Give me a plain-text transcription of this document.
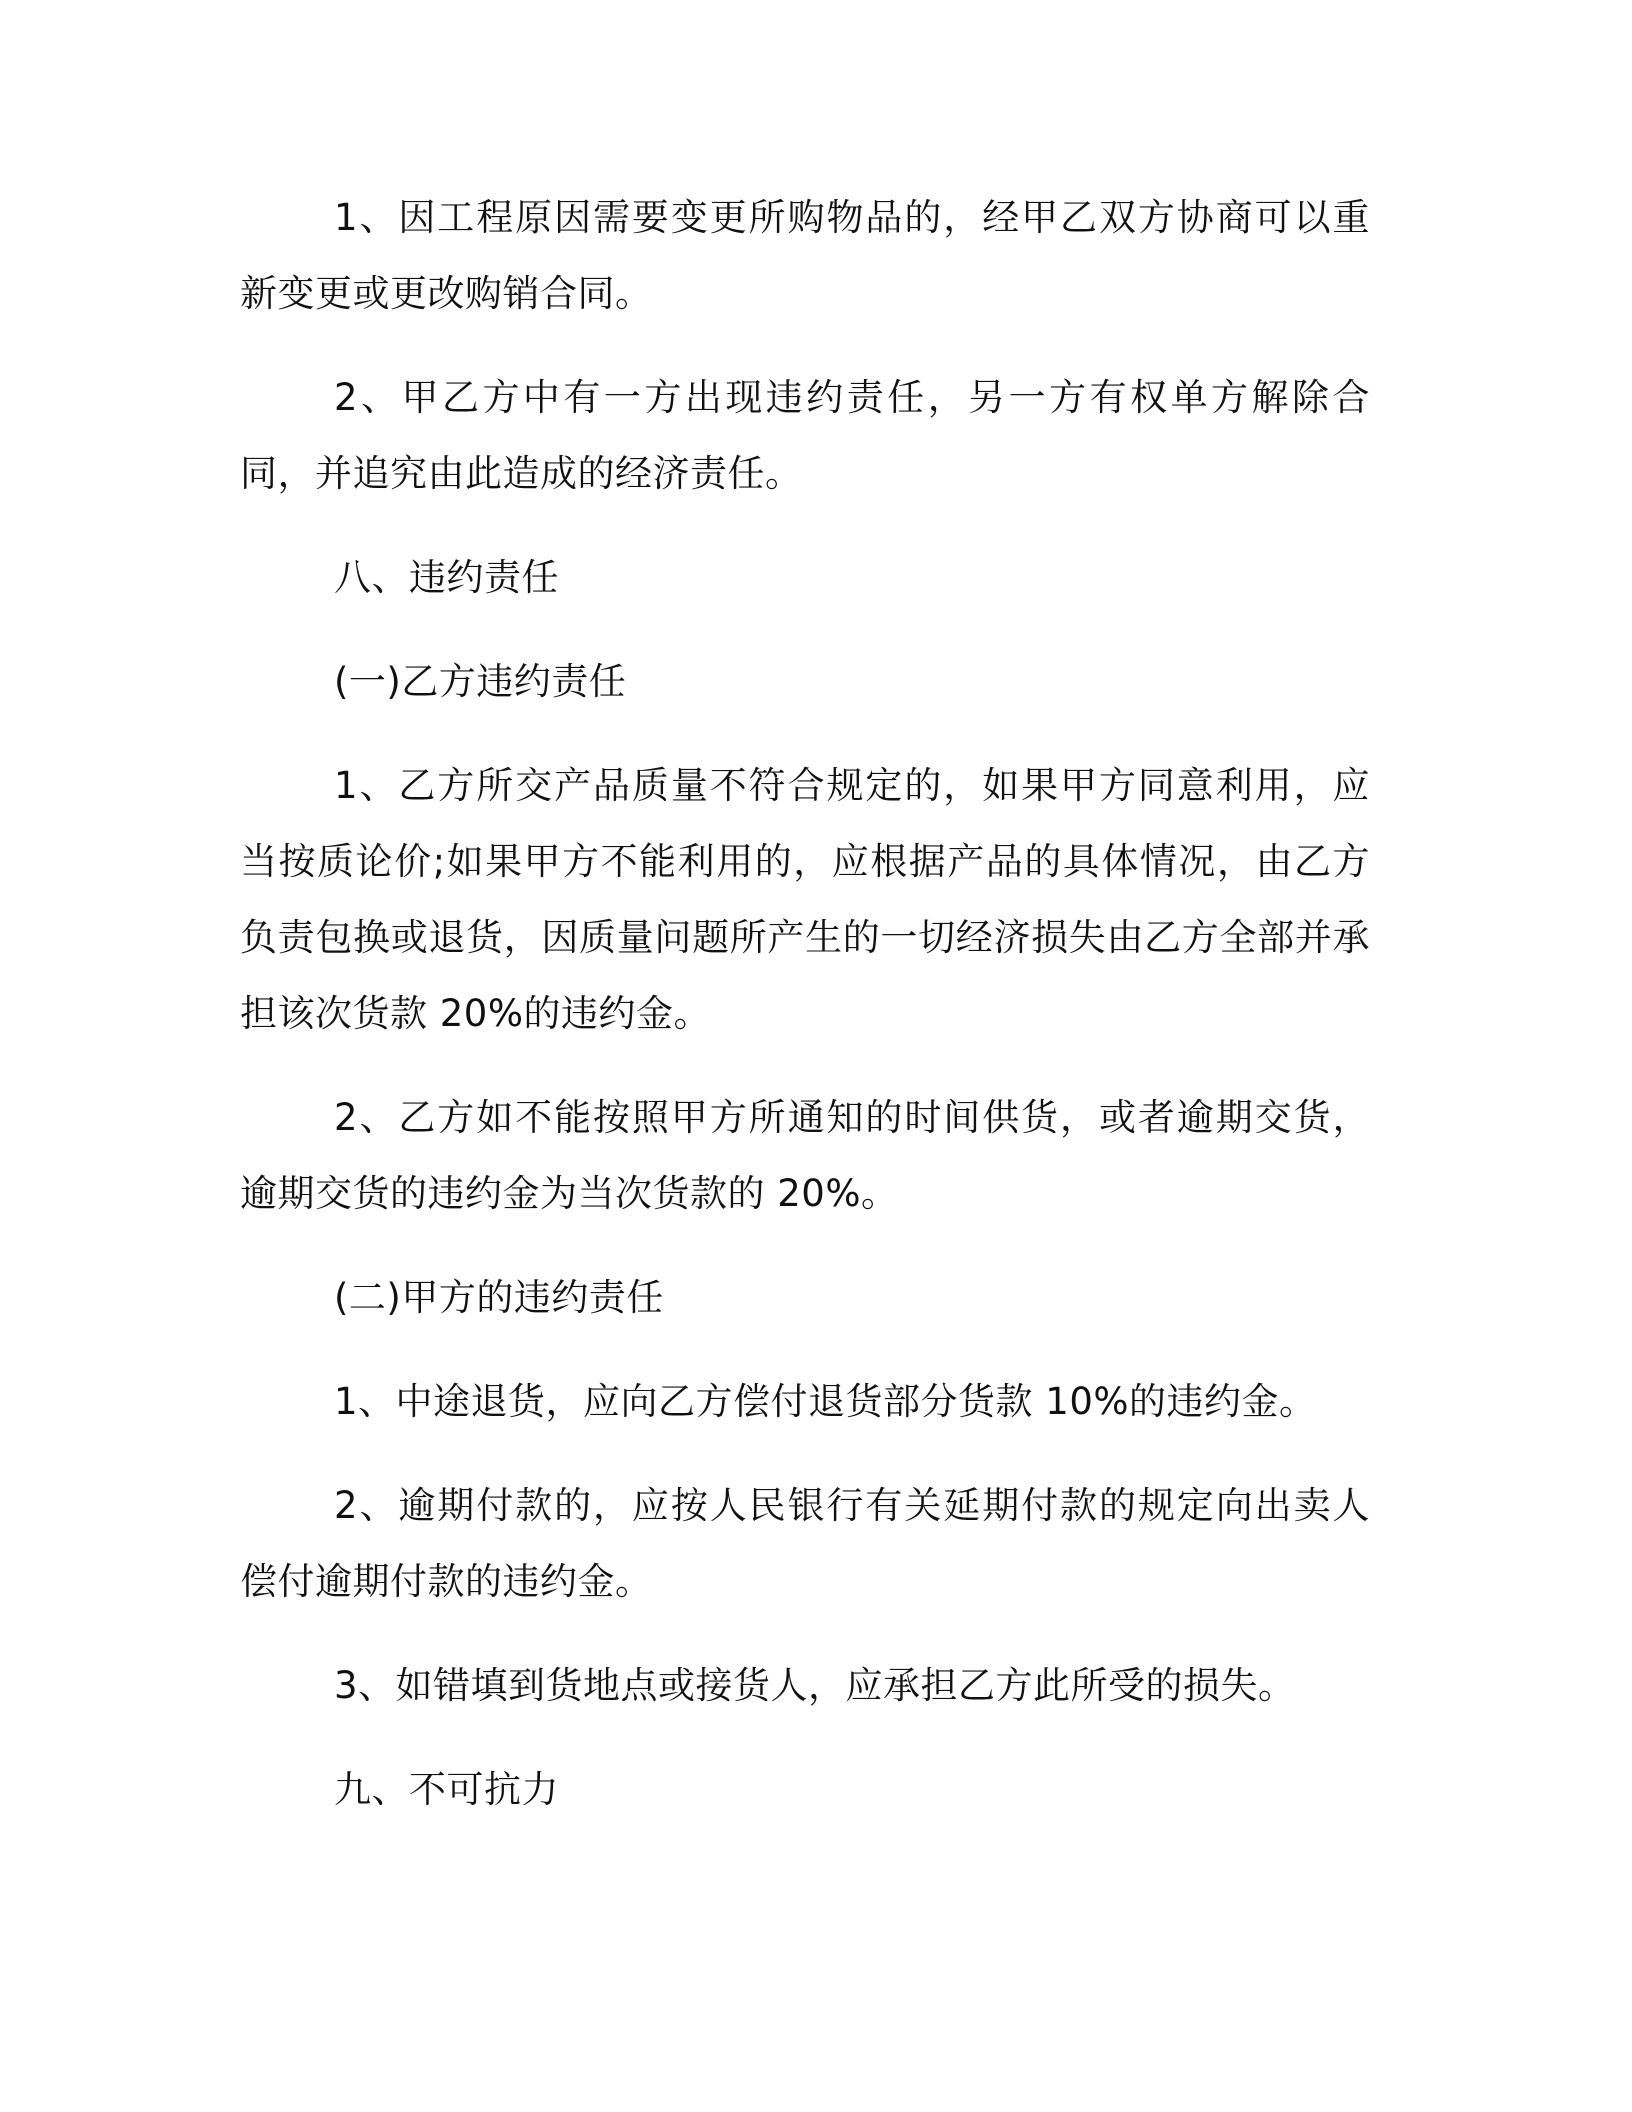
1、因工程原因需要变更所购物品的，经甲乙双方协商可以重新变更或更改购销合同。

2、甲乙方中有一方出现违约责任，另一方有权单方解除合同，并追究由此造成的经济责任。

八、违约责任

(一)乙方违约责任

1、乙方所交产品质量不符合规定的，如果甲方同意利用，应当按质论价;如果甲方不能利用的，应根据产品的具体情况，由乙方负责包换或退货，因质量问题所产生的一切经济损失由乙方全部并承担该次货款 20%的违约金。

2、乙方如不能按照甲方所通知的时间供货，或者逾期交货，逾期交货的违约金为当次货款的 20%。

(二)甲方的违约责任

1、中途退货，应向乙方偿付退货部分货款 10%的违约金。

2、逾期付款的，应按人民银行有关延期付款的规定向出卖人偿付逾期付款的违约金。

3、如错填到货地点或接货人，应承担乙方此所受的损失。

九、不可抗力
